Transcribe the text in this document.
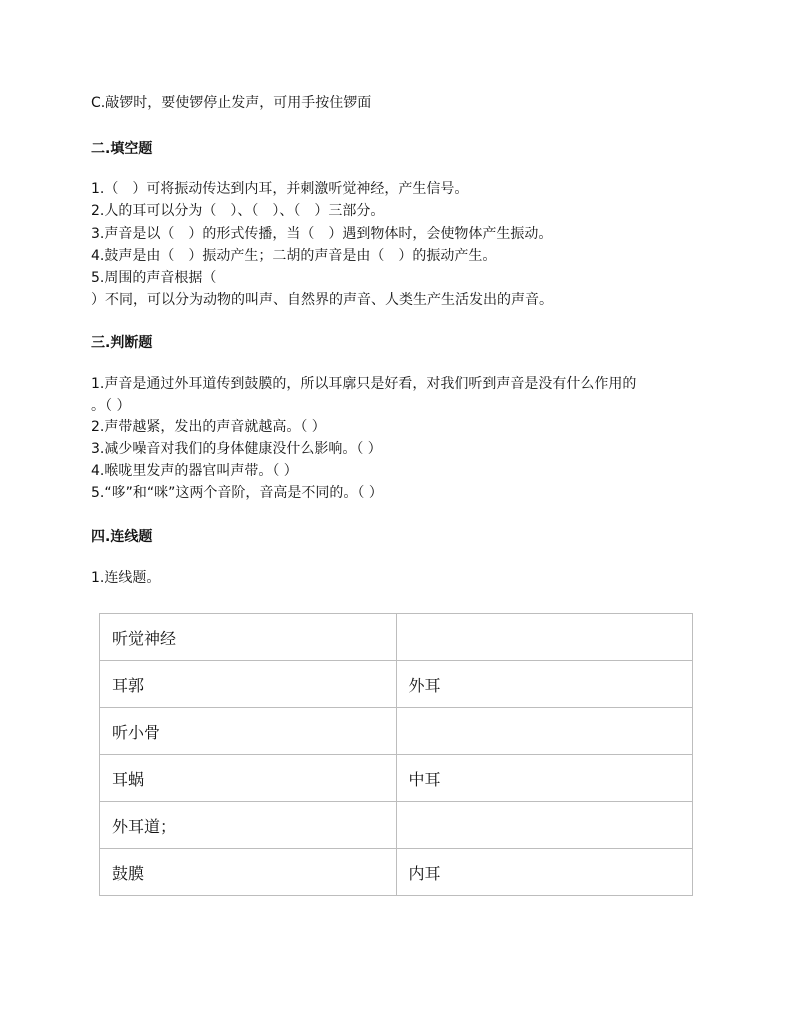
C.敲锣时，要使锣停止发声，可用手按住锣面
二.填空题
1.（　）可将振动传达到内耳，并刺激听觉神经，产生信号。
2.人的耳可以分为（　）、（　）、（　）三部分。
3.声音是以（　）的形式传播，当（　）遇到物体时，会使物体产生振动。
4.鼓声是由（　）振动产生；二胡的声音是由（　）的振动产生。
5.周围的声音根据（
）不同，可以分为动物的叫声、自然界的声音、人类生产生活发出的声音。
三.判断题
1.声音是通过外耳道传到鼓膜的，所以耳廓只是好看，对我们听到声音是没有什么作用的
。（ ）
2.声带越紧，发出的声音就越高。（ ）
3.减少噪音对我们的身体健康没什么影响。（ ）
4.喉咙里发声的器官叫声带。（ ）
5.“哆”和“咪”这两个音阶，音高是不同的。（ ）
四.连线题
1.连线题。
听觉神经	
耳郭	外耳
听小骨	
耳蜗	中耳
外耳道；	
鼓膜	内耳
